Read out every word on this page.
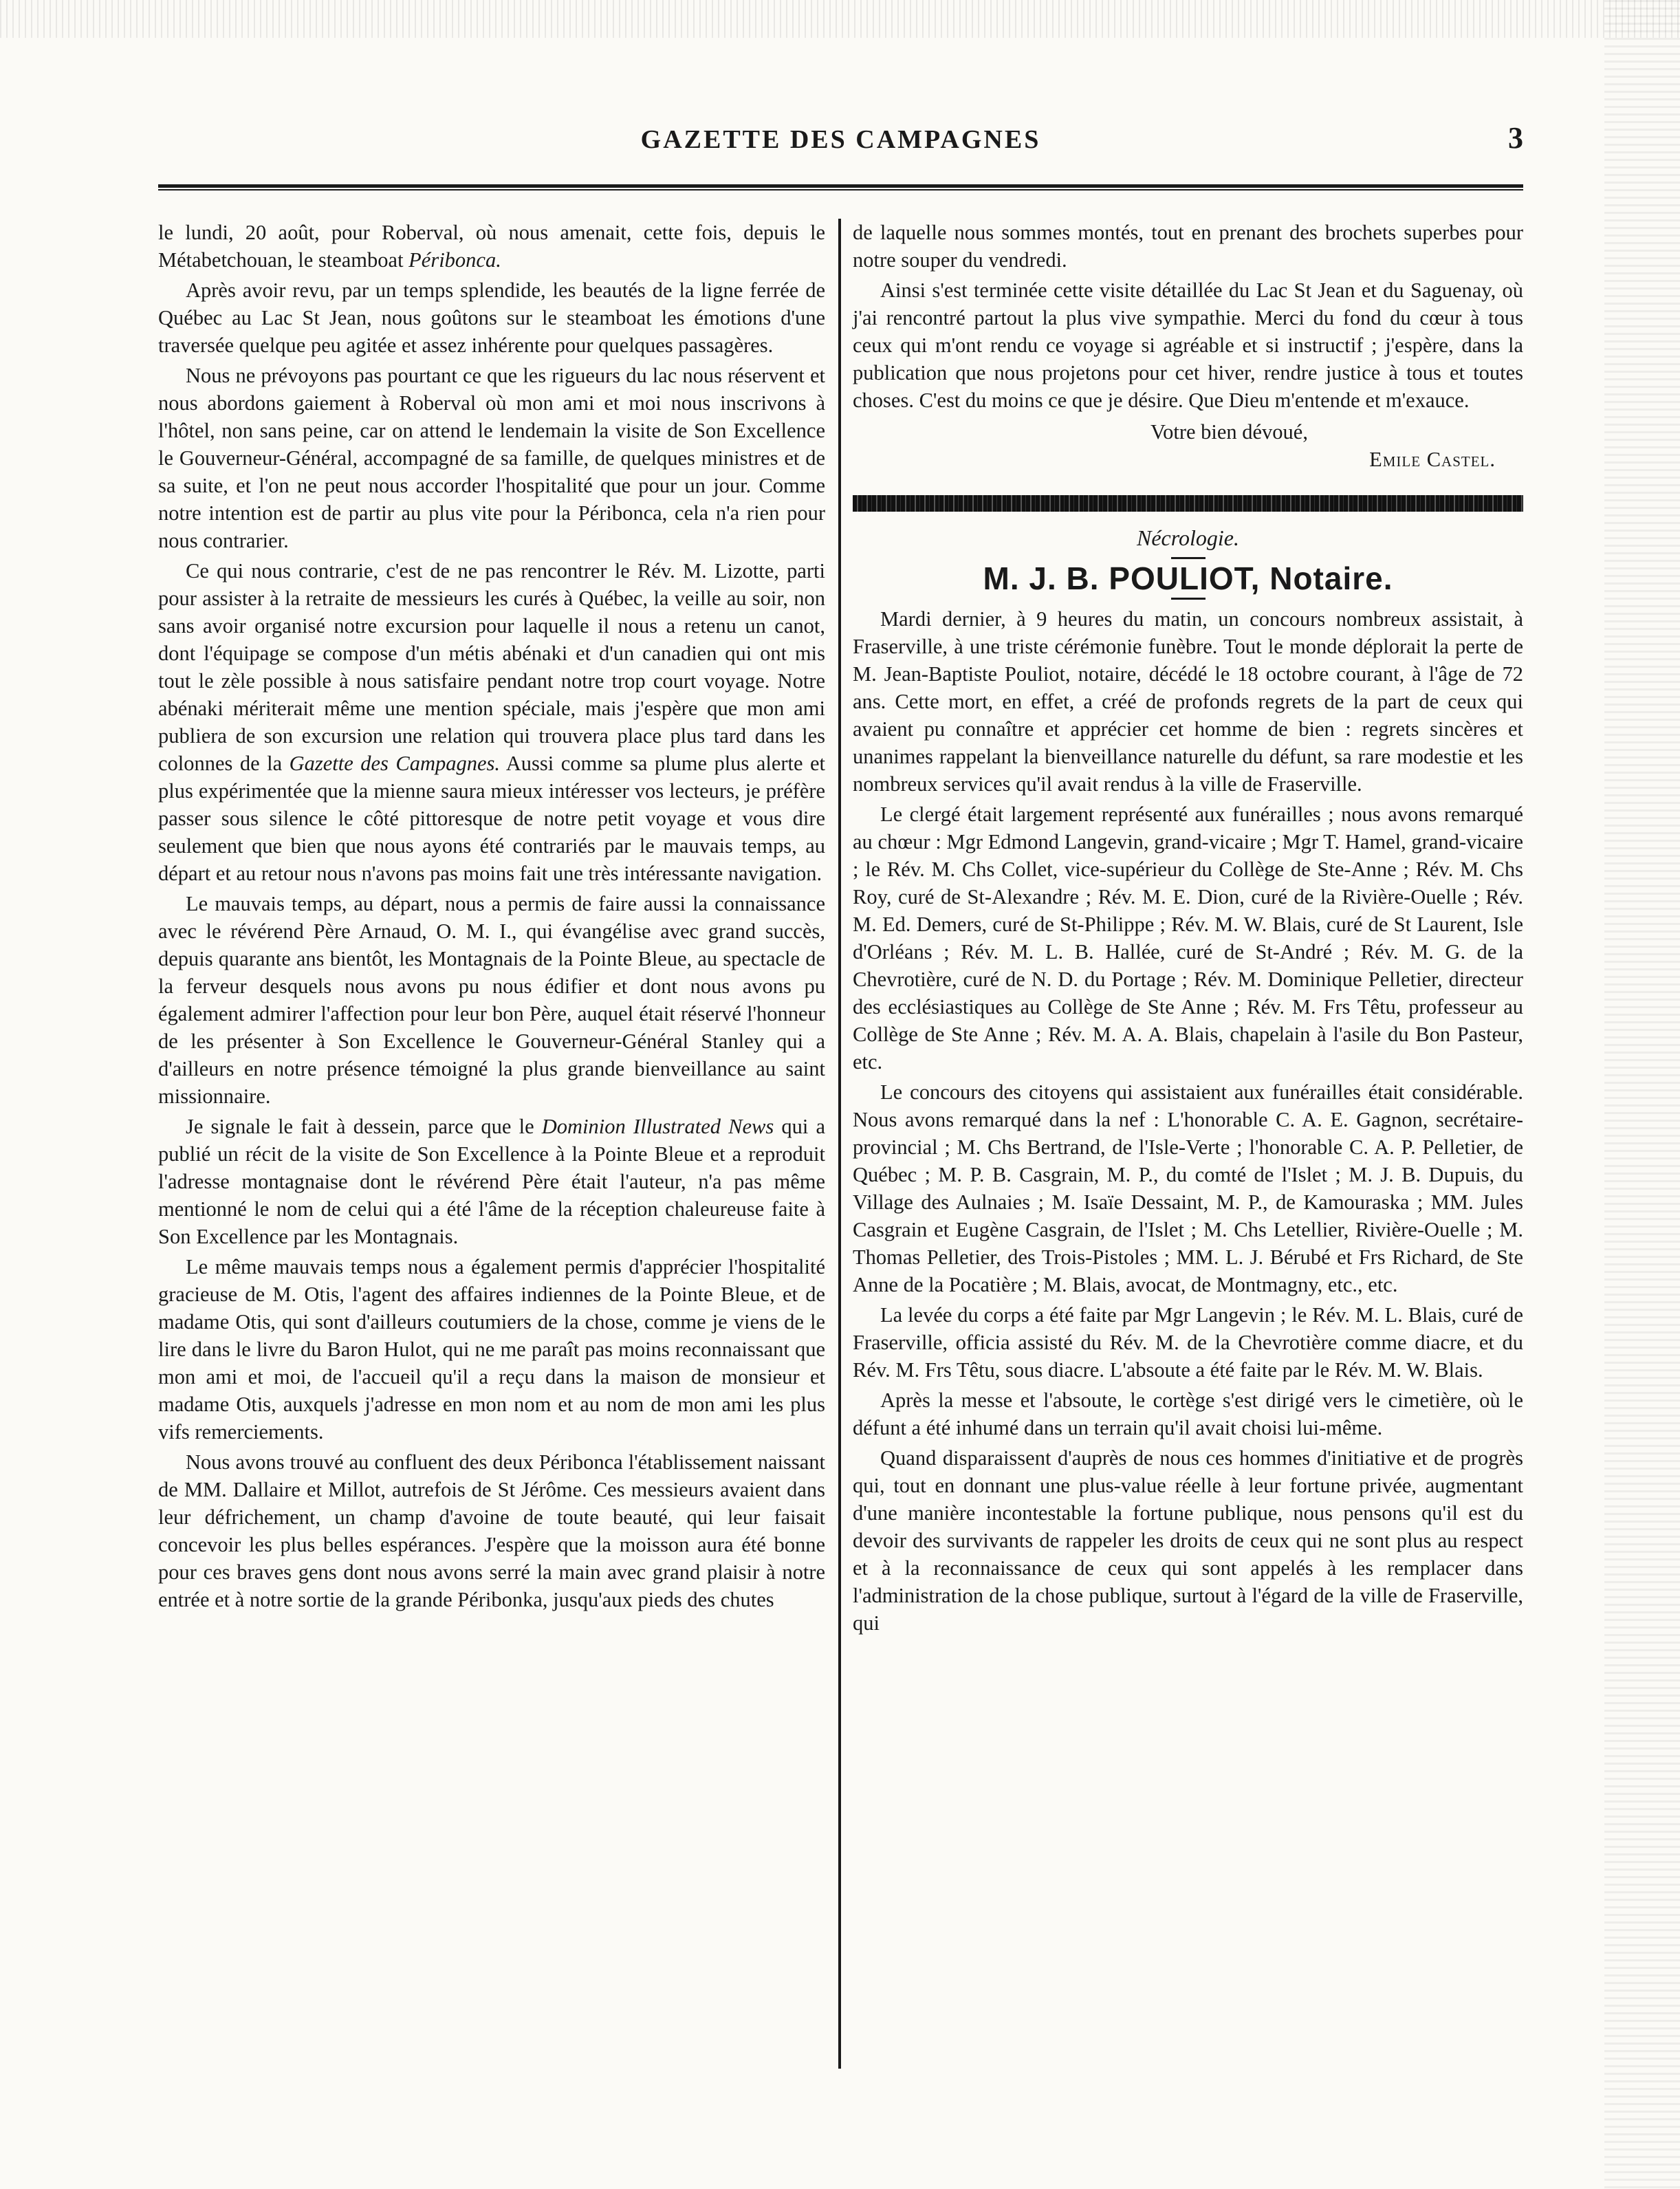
GAZETTE DES CAMPAGNES	3

le lundi, 20 août, pour Roberval, où nous amenait, cette fois, depuis le Métabetchouan, le steamboat Péribonca.

Après avoir revu, par un temps splendide, les beautés de la ligne ferrée de Québec au Lac St Jean, nous goûtons sur le steamboat les émotions d'une traversée quelque peu agitée et assez inhérente pour quelques passagères.

Nous ne prévoyons pas pourtant ce que les rigueurs du lac nous réservent et nous abordons gaiement à Roberval où mon ami et moi nous inscrivons à l'hôtel, non sans peine, car on attend le lendemain la visite de Son Excellence le Gouverneur-Général, accompagné de sa famille, de quelques ministres et de sa suite, et l'on ne peut nous accorder l'hospitalité que pour un jour. Comme notre intention est de partir au plus vite pour la Péribonca, cela n'a rien pour nous contrarier.

Ce qui nous contrarie, c'est de ne pas rencontrer le Rév. M. Lizotte, parti pour assister à la retraite de messieurs les curés à Québec, la veille au soir, non sans avoir organisé notre excursion pour laquelle il nous a retenu un canot, dont l'équipage se compose d'un métis abénaki et d'un canadien qui ont mis tout le zèle possible à nous satisfaire pendant notre trop court voyage. Notre abénaki mériterait même une mention spéciale, mais j'espère que mon ami publiera de son excursion une relation qui trouvera place plus tard dans les colonnes de la Gazette des Campagnes. Aussi comme sa plume plus alerte et plus expérimentée que la mienne saura mieux intéresser vos lecteurs, je préfère passer sous silence le côté pittoresque de notre petit voyage et vous dire seulement que bien que nous ayons été contrariés par le mauvais temps, au départ et au retour nous n'avons pas moins fait une très intéressante navigation.

Le mauvais temps, au départ, nous a permis de faire aussi la connaissance avec le révérend Père Arnaud, O. M. I., qui évangélise avec grand succès, depuis quarante ans bientôt, les Montagnais de la Pointe Bleue, au spectacle de la ferveur desquels nous avons pu nous édifier et dont nous avons pu également admirer l'affection pour leur bon Père, auquel était réservé l'honneur de les présenter à Son Excellence le Gouverneur-Général Stanley qui a d'ailleurs en notre présence témoigné la plus grande bienveillance au saint missionnaire.

Je signale le fait à dessein, parce que le Dominion Illustrated News qui a publié un récit de la visite de Son Excellence à la Pointe Bleue et a reproduit l'adresse montagnaise dont le révérend Père était l'auteur, n'a pas même mentionné le nom de celui qui a été l'âme de la réception chaleureuse faite à Son Excellence par les Montagnais.

Le même mauvais temps nous a également permis d'apprécier l'hospitalité gracieuse de M. Otis, l'agent des affaires indiennes de la Pointe Bleue, et de madame Otis, qui sont d'ailleurs coutumiers de la chose, comme je viens de le lire dans le livre du Baron Hulot, qui ne me paraît pas moins reconnaissant que mon ami et moi, de l'accueil qu'il a reçu dans la maison de monsieur et madame Otis, auxquels j'adresse en mon nom et au nom de mon ami les plus vifs remerciements.

Nous avons trouvé au confluent des deux Péribonca l'établissement naissant de MM. Dallaire et Millot, autrefois de St Jérôme. Ces messieurs avaient dans leur défrichement, un champ d'avoine de toute beauté, qui leur faisait concevoir les plus belles espérances. J'espère que la moisson aura été bonne pour ces braves gens dont nous avons serré la main avec grand plaisir à notre entrée et à notre sortie de la grande Péribonka, jusqu'aux pieds des chutes

de laquelle nous sommes montés, tout en prenant des brochets superbes pour notre souper du vendredi.

Ainsi s'est terminée cette visite détaillée du Lac St Jean et du Saguenay, où j'ai rencontré partout la plus vive sympathie. Merci du fond du cœur à tous ceux qui m'ont rendu ce voyage si agréable et si instructif ; j'espère, dans la publication que nous projetons pour cet hiver, rendre justice à tous et toutes choses. C'est du moins ce que je désire. Que Dieu m'entende et m'exauce.

Votre bien dévoué,
Emile Castel.
Nécrologie.
M. J. B. POULIOT, Notaire.

Mardi dernier, à 9 heures du matin, un concours nombreux assistait, à Fraserville, à une triste cérémonie funèbre. Tout le monde déplorait la perte de M. Jean-Baptiste Pouliot, notaire, décédé le 18 octobre courant, à l'âge de 72 ans. Cette mort, en effet, a créé de profonds regrets de la part de ceux qui avaient pu connaître et apprécier cet homme de bien : regrets sincères et unanimes rappelant la bienveillance naturelle du défunt, sa rare modestie et les nombreux services qu'il avait rendus à la ville de Fraserville.

Le clergé était largement représenté aux funérailles ; nous avons remarqué au chœur : Mgr Edmond Langevin, grand-vicaire ; Mgr T. Hamel, grand-vicaire ; le Rév. M. Chs Collet, vice-supérieur du Collège de Ste-Anne ; Rév. M. Chs Roy, curé de St-Alexandre ; Rév. M. E. Dion, curé de la Rivière-Ouelle ; Rév. M. Ed. Demers, curé de St-Philippe ; Rév. M. W. Blais, curé de St Laurent, Isle d'Orléans ; Rév. M. L. B. Hallée, curé de St-André ; Rév. M. G. de la Chevrotière, curé de N. D. du Portage ; Rév. M. Dominique Pelletier, directeur des ecclésiastiques au Collège de Ste Anne ; Rév. M. Frs Têtu, professeur au Collège de Ste Anne ; Rév. M. A. A. Blais, chapelain à l'asile du Bon Pasteur, etc.

Le concours des citoyens qui assistaient aux funérailles était considérable. Nous avons remarqué dans la nef : L'honorable C. A. E. Gagnon, secrétaire-provincial ; M. Chs Bertrand, de l'Isle-Verte ; l'honorable C. A. P. Pelletier, de Québec ; M. P. B. Casgrain, M. P., du comté de l'Islet ; M. J. B. Dupuis, du Village des Aulnaies ; M. Isaïe Dessaint, M. P., de Kamouraska ; MM. Jules Casgrain et Eugène Casgrain, de l'Islet ; M. Chs Letellier, Rivière-Ouelle ; M. Thomas Pelletier, des Trois-Pistoles ; MM. L. J. Bérubé et Frs Richard, de Ste Anne de la Pocatière ; M. Blais, avocat, de Montmagny, etc., etc.

La levée du corps a été faite par Mgr Langevin ; le Rév. M. L. Blais, curé de Fraserville, officia assisté du Rév. M. de la Chevrotière comme diacre, et du Rév. M. Frs Têtu, sous diacre. L'absoute a été faite par le Rév. M. W. Blais.

Après la messe et l'absoute, le cortège s'est dirigé vers le cimetière, où le défunt a été inhumé dans un terrain qu'il avait choisi lui-même.

Quand disparaissent d'auprès de nous ces hommes d'initiative et de progrès qui, tout en donnant une plus-value réelle à leur fortune privée, augmentant d'une manière incontestable la fortune publique, nous pensons qu'il est du devoir des survivants de rappeler les droits de ceux qui ne sont plus au respect et à la reconnaissance de ceux qui sont appelés à les remplacer dans l'administration de la chose publique, surtout à l'égard de la ville de Fraserville, qui
